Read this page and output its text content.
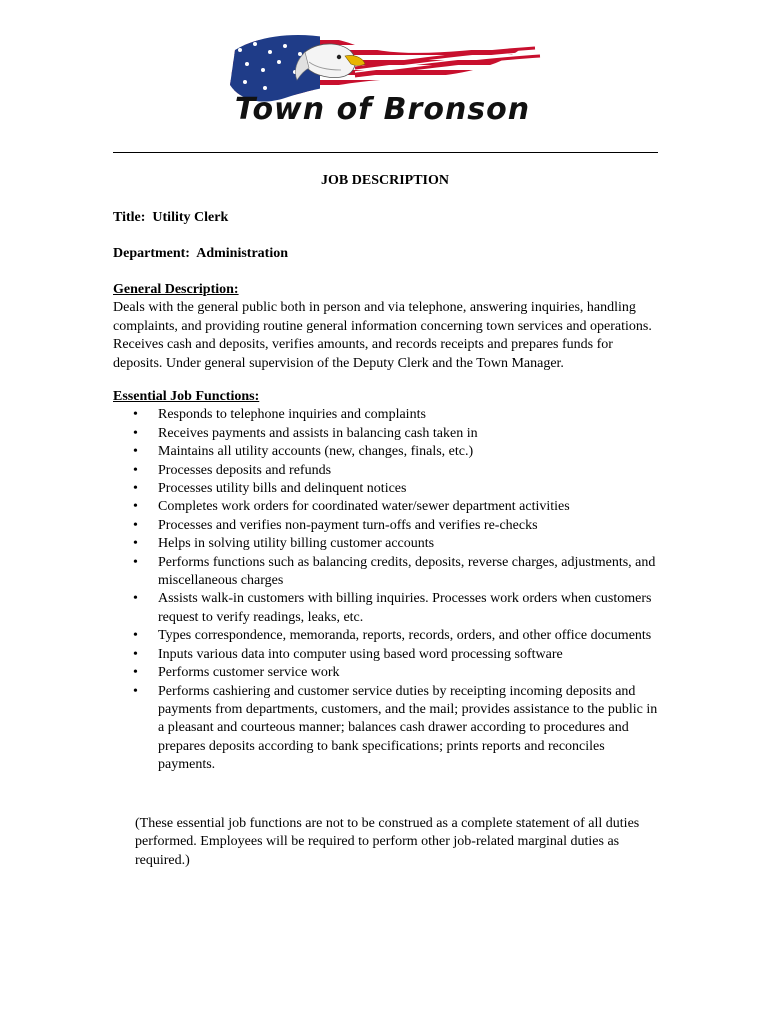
Town of Bronson
JOB DESCRIPTION
Title: Utility Clerk
Department: Administration
General Description:

Deals with the general public both in person and via telephone, answering inquiries, handling complaints, and providing routine general information concerning town services and operations. Receives cash and deposits, verifies amounts, and records receipts and prepares funds for deposits. Under general supervision of the Deputy Clerk and the Town Manager.

Essential Job Functions:
• Responds to telephone inquiries and complaints
• Receives payments and assists in balancing cash taken in
• Maintains all utility accounts (new, changes, finals, etc.)
• Processes deposits and refunds
• Processes utility bills and delinquent notices
• Completes work orders for coordinated water/sewer department activities
• Processes and verifies non-payment turn-offs and verifies re-checks
• Helps in solving utility billing customer accounts
• Performs functions such as balancing credits, deposits, reverse charges, adjustments, and miscellaneous charges
• Assists walk-in customers with billing inquiries. Processes work orders when customers request to verify readings, leaks, etc.
• Types correspondence, memoranda, reports, records, orders, and other office documents
• Inputs various data into computer using based word processing software
• Performs customer service work
• Performs cashiering and customer service duties by receipting incoming deposits and payments from departments, customers, and the mail; provides assistance to the public in a pleasant and courteous manner; balances cash drawer according to procedures and prepares deposits according to bank specifications; prints reports and reconciles payments.
(These essential job functions are not to be construed as a complete statement of all duties performed. Employees will be required to perform other job-related marginal duties as required.)
